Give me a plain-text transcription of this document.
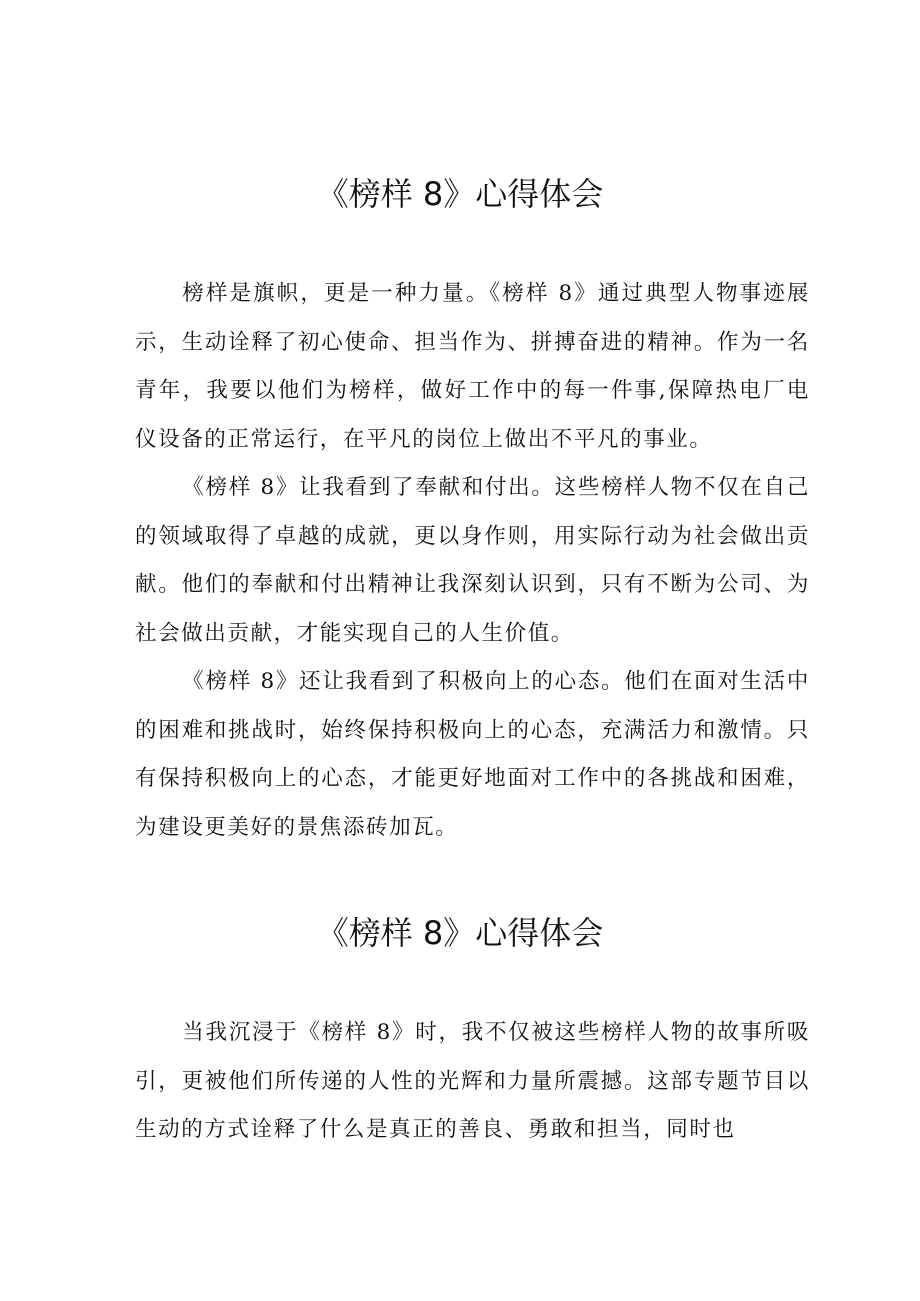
《榜样 8》心得体会

榜样是旗帜，更是一种力量。《榜样 8》通过典型人物事迹展示，生动诠释了初心使命、担当作为、拼搏奋进的精神。作为一名青年，我要以他们为榜样，做好工作中的每一件事,保障热电厂电仪设备的正常运行，在平凡的岗位上做出不平凡的事业。

《榜样 8》让我看到了奉献和付出。这些榜样人物不仅在自己的领域取得了卓越的成就，更以身作则，用实际行动为社会做出贡献。他们的奉献和付出精神让我深刻认识到，只有不断为公司、为社会做出贡献，才能实现自己的人生价值。

《榜样 8》还让我看到了积极向上的心态。他们在面对生活中的困难和挑战时，始终保持积极向上的心态，充满活力和激情。只有保持积极向上的心态，才能更好地面对工作中的各挑战和困难，为建设更美好的景焦添砖加瓦。

《榜样 8》心得体会

当我沉浸于《榜样 8》时，我不仅被这些榜样人物的故事所吸引，更被他们所传递的人性的光辉和力量所震撼。这部专题节目以生动的方式诠释了什么是真正的善良、勇敢和担当，同时也
